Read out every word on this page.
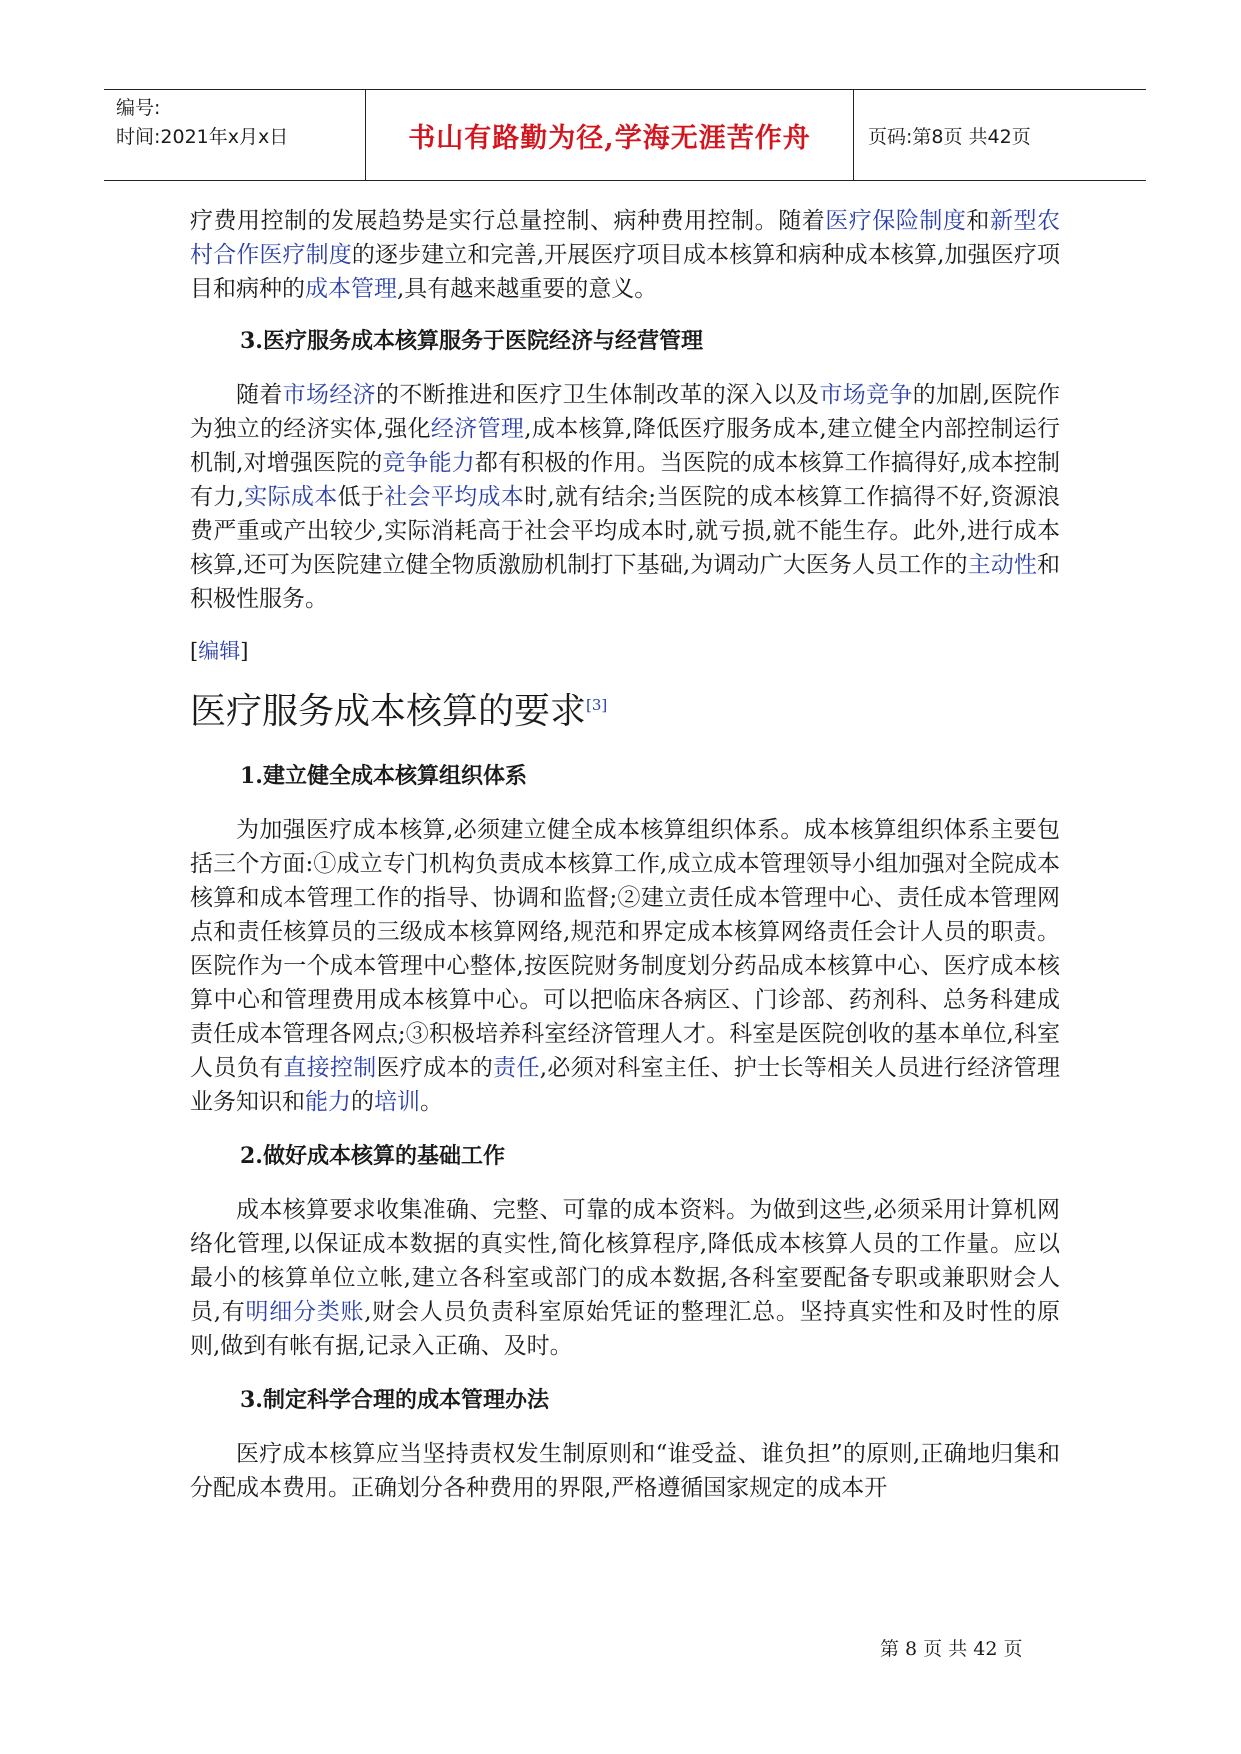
编号:
时间:2021年x月x日	书山有路勤为径,学海无涯苦作舟	页码:第8页 共42页

疗费用控制的发展趋势是实行总量控制、病种费用控制。随着医疗保险制度和新型农村合作医疗制度的逐步建立和完善,开展医疗项目成本核算和病种成本核算,加强医疗项目和病种的成本管理,具有越来越重要的意义。

3.医疗服务成本核算服务于医院经济与经营管理

随着市场经济的不断推进和医疗卫生体制改革的深入以及市场竞争的加剧,医院作为独立的经济实体,强化经济管理,成本核算,降低医疗服务成本,建立健全内部控制运行机制,对增强医院的竞争能力都有积极的作用。当医院的成本核算工作搞得好,成本控制有力,实际成本低于社会平均成本时,就有结余;当医院的成本核算工作搞得不好,资源浪费严重或产出较少,实际消耗高于社会平均成本时,就亏损,就不能生存。此外,进行成本核算,还可为医院建立健全物质激励机制打下基础,为调动广大医务人员工作的主动性和积极性服务。

[编辑]
医疗服务成本核算的要求[3]
1.建立健全成本核算组织体系

为加强医疗成本核算,必须建立健全成本核算组织体系。成本核算组织体系主要包括三个方面:①成立专门机构负责成本核算工作,成立成本管理领导小组加强对全院成本核算和成本管理工作的指导、协调和监督;②建立责任成本管理中心、责任成本管理网点和责任核算员的三级成本核算网络,规范和界定成本核算网络责任会计人员的职责。医院作为一个成本管理中心整体,按医院财务制度划分药品成本核算中心、医疗成本核算中心和管理费用成本核算中心。可以把临床各病区、门诊部、药剂科、总务科建成责任成本管理各网点;③积极培养科室经济管理人才。科室是医院创收的基本单位,科室人员负有直接控制医疗成本的责任,必须对科室主任、护士长等相关人员进行经济管理业务知识和能力的培训。

2.做好成本核算的基础工作

成本核算要求收集准确、完整、可靠的成本资料。为做到这些,必须采用计算机网络化管理,以保证成本数据的真实性,简化核算程序,降低成本核算人员的工作量。应以最小的核算单位立帐,建立各科室或部门的成本数据,各科室要配备专职或兼职财会人员,有明细分类账,财会人员负责科室原始凭证的整理汇总。坚持真实性和及时性的原则,做到有帐有据,记录入正确、及时。

3.制定科学合理的成本管理办法

医疗成本核算应当坚持责权发生制原则和“谁受益、谁负担”的原则,正确地归集和分配成本费用。正确划分各种费用的界限,严格遵循国家规定的成本开

第 8 页 共 42 页
